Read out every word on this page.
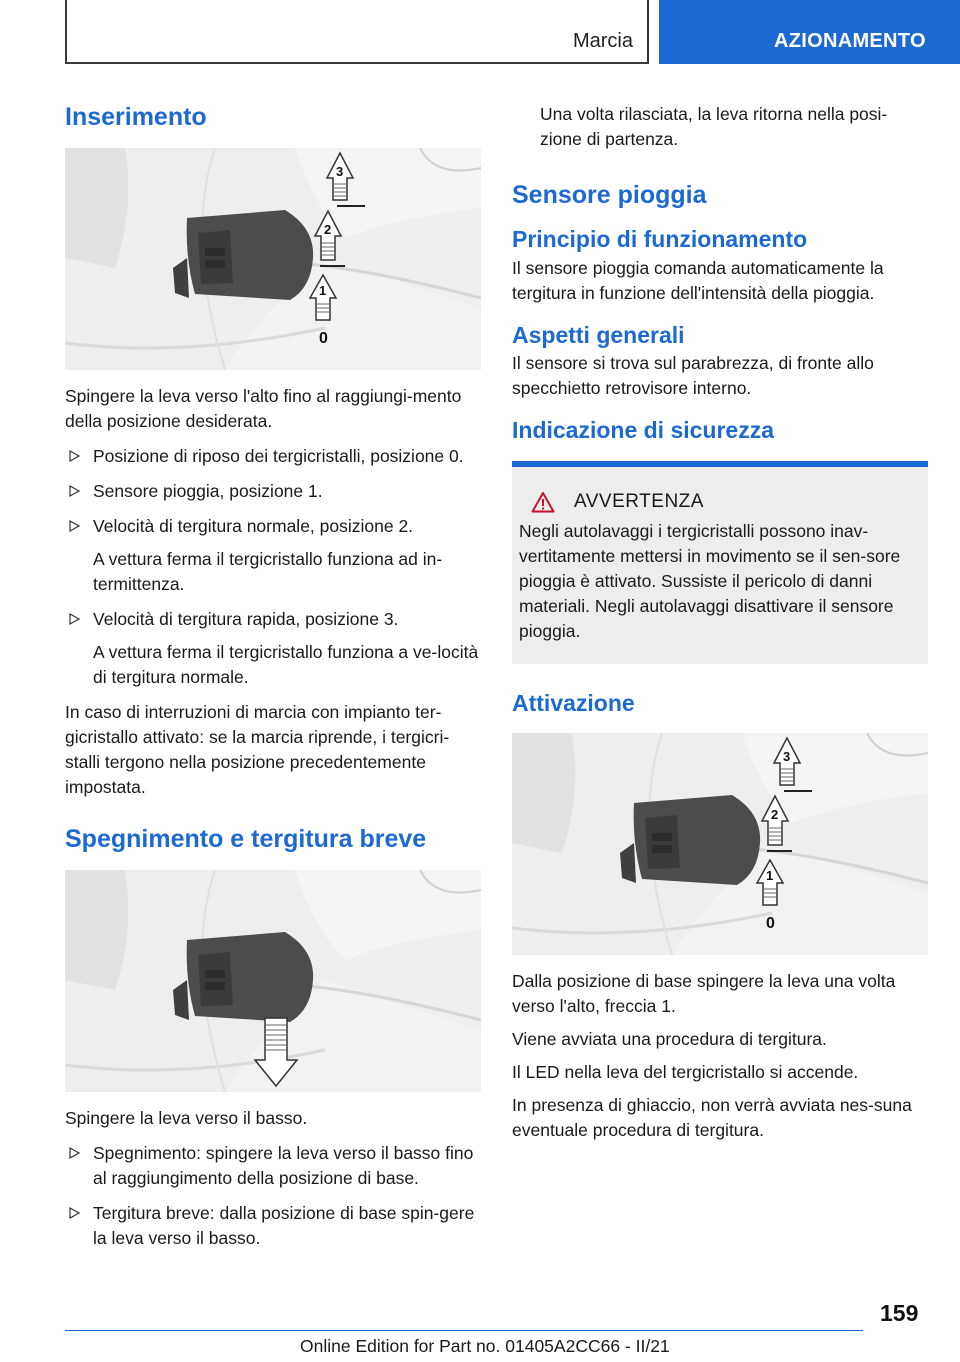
Marcia	AZIONAMENTO
Inserimento
3
2
1
0

Spingere la leva verso l'alto fino al raggiungi-mento della posizione desiderata.

Posizione di riposo dei tergicristalli, posizione 0.
Sensore pioggia, posizione 1.
Velocità di tergitura normale, posizione 2.
A vettura ferma il tergicristallo funziona ad in-termittenza.
Velocità di tergitura rapida, posizione 3.
A vettura ferma il tergicristallo funziona a ve-locità di tergitura normale.

In caso di interruzioni di marcia con impianto ter-gicristallo attivato: se la marcia riprende, i tergicri-stalli tergono nella posizione precedentemente impostata.

Spegnimento e tergitura breve

Spingere la leva verso il basso.

Spegnimento: spingere la leva verso il basso fino al raggiungimento della posizione di base.
Tergitura breve: dalla posizione di base spin-gere la leva verso il basso.
Una volta rilasciata, la leva ritorna nella posi-zione di partenza.
Sensore pioggia
Principio di funzionamento

Il sensore pioggia comanda automaticamente la tergitura in funzione dell'intensità della pioggia.

Aspetti generali

Il sensore si trova sul parabrezza, di fronte allo specchietto retrovisore interno.

Indicazione di sicurezza
AVVERTENZA

Negli autolavaggi i tergicristalli possono inav-vertitamente mettersi in movimento se il sen-sore pioggia è attivato. Sussiste il pericolo di danni materiali. Negli autolavaggi disattivare il sensore pioggia.

Attivazione
3
2
1
0

Dalla posizione di base spingere la leva una volta verso l'alto, freccia 1.

Viene avviata una procedura di tergitura.

Il LED nella leva del tergicristallo si accende.

In presenza di ghiaccio, non verrà avviata nes-suna eventuale procedura di tergitura.

159
Online Edition for Part no. 01405A2CC66 - II/21
